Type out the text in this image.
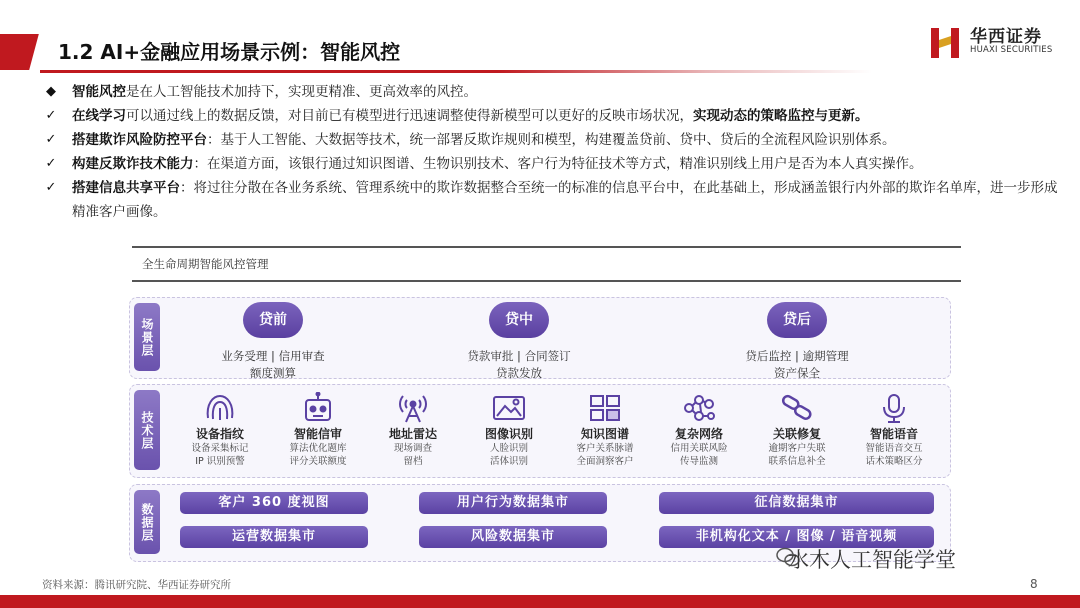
1.2 AI+金融应用场景示例：智能风控
华西证券
HUAXI SECURITIES
◆ 智能风控是在人工智能技术加持下，实现更精准、更高效率的风控。
✓ 在线学习可以通过线上的数据反馈，对目前已有模型进行迅速调整使得新模型可以更好的反映市场状况，实现动态的策略监控与更新。
✓ 搭建欺诈风险防控平台：基于人工智能、大数据等技术，统一部署反欺诈规则和模型，构建覆盖贷前、贷中、贷后的全流程风险识别体系。
✓ 构建反欺诈技术能力：在渠道方面，该银行通过知识图谱、生物识别技术、客户行为特征技术等方式，精准识别线上用户是否为本人真实操作。
✓ 搭建信息共享平台：将过往分散在各业务系统、管理系统中的欺诈数据整合至统一的标准的信息平台中，在此基础上，形成涵盖银行内外部的欺诈名单库，进一步形成精准客户画像。
全生命周期智能风控管理
场景层	贷前
业务受理 | 信用审查
额度测算
贷中
贷款审批 | 合同签订
贷款发放
贷后
贷后监控 | 逾期管理
资产保全
技术层	设备指纹
设备采集标记
IP 识别预警
智能信审
算法优化题库
评分关联额度
地址雷达
现场调查
留档
图像识别
人脸识别
活体识别
知识图谱
客户关系脉谱
全面洞察客户
复杂网络
信用关联风险
传导监测
关联修复
逾期客户失联
联系信息补全
智能语音
智能语音交互
话术策略区分
数据层	客户 360 度视图	用户行为数据集市	征信数据集市
运营数据集市	风险数据集市	非机构化文本 / 图像 / 语音视频
水木人工智能学堂
资料来源：腾讯研究院、华西证券研究所	8
